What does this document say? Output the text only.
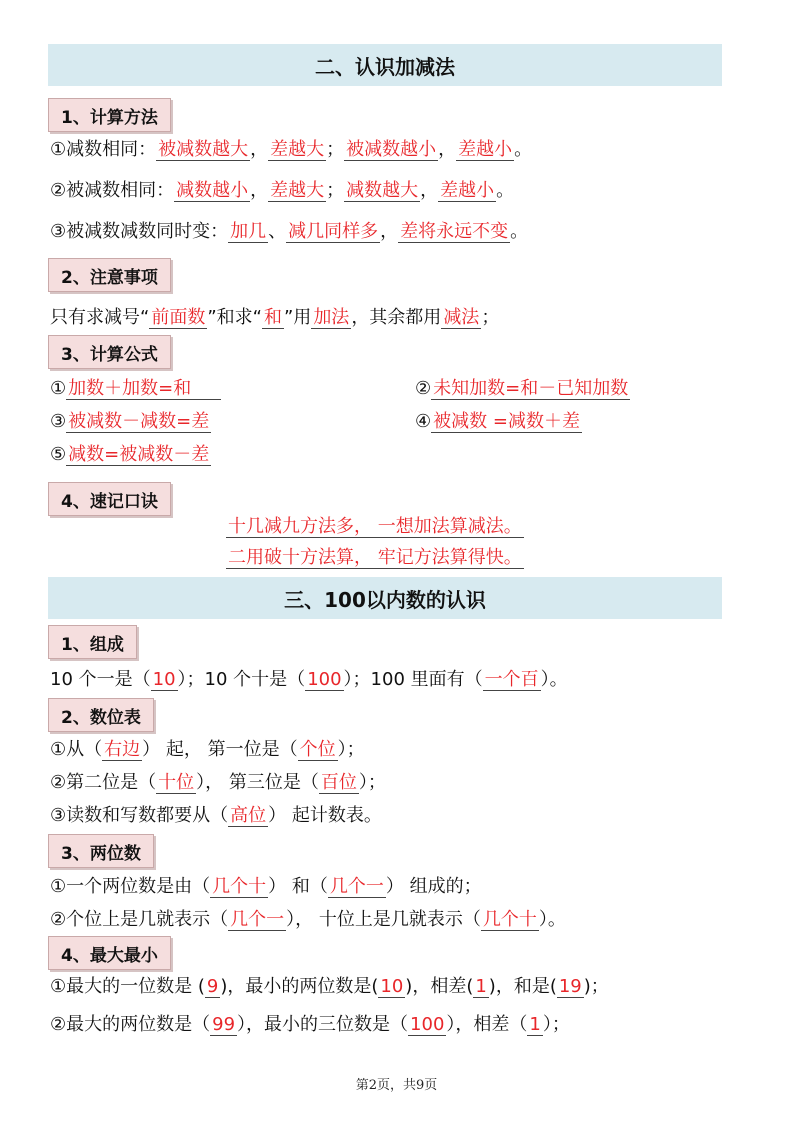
二、认识加减法
1、计算方法
①减数相同： 被减数越大 ， 差越大 ； 被减数越小 ， 差越小 。
②被减数相同： 减数越小 ， 差越大 ； 减数越大 ， 差越小 。
③被减数减数同时变： 加几 、 减几同样多 ， 差将永远不变 。
2、注意事项
只有求减号“ 前面数 ”和求“ 和 ”用 加法 ，其余都用 减法 ；
3、计算公式
① 加数＋加数=和	② 未知加数=和－已知加数
③ 被减数－减数=差	④ 被减数 =减数＋差
⑤ 减数=被减数－差
4、速记口诀
十几减九方法多， 一想加法算减法。
二用破十方法算， 牢记方法算得快。
三、100以内数的认识
1、组成
10 个一是（ 10 ）；10 个十是（ 100 ）；100 里面有（ 一个百 ）。
2、数位表
①从（ 右边 ） 起， 第一位是（ 个位 ）；
②第二位是（ 十位 ）， 第三位是（ 百位 ）；
③读数和写数都要从（ 高位 ） 起计数表。
3、两位数
①一个两位数是由（ 几个十 ） 和（ 几个一 ） 组成的；
②个位上是几就表示（ 几个一 ）， 十位上是几就表示（ 几个十 ）。
4、最大最小
①最大的一位数是 ( 9 )，最小的两位数是( 10 )，相差( 1 )，和是( 19 )；
②最大的两位数是（ 99 ），最小的三位数是（ 100 ），相差（ 1 ）；
第2页，共9页
